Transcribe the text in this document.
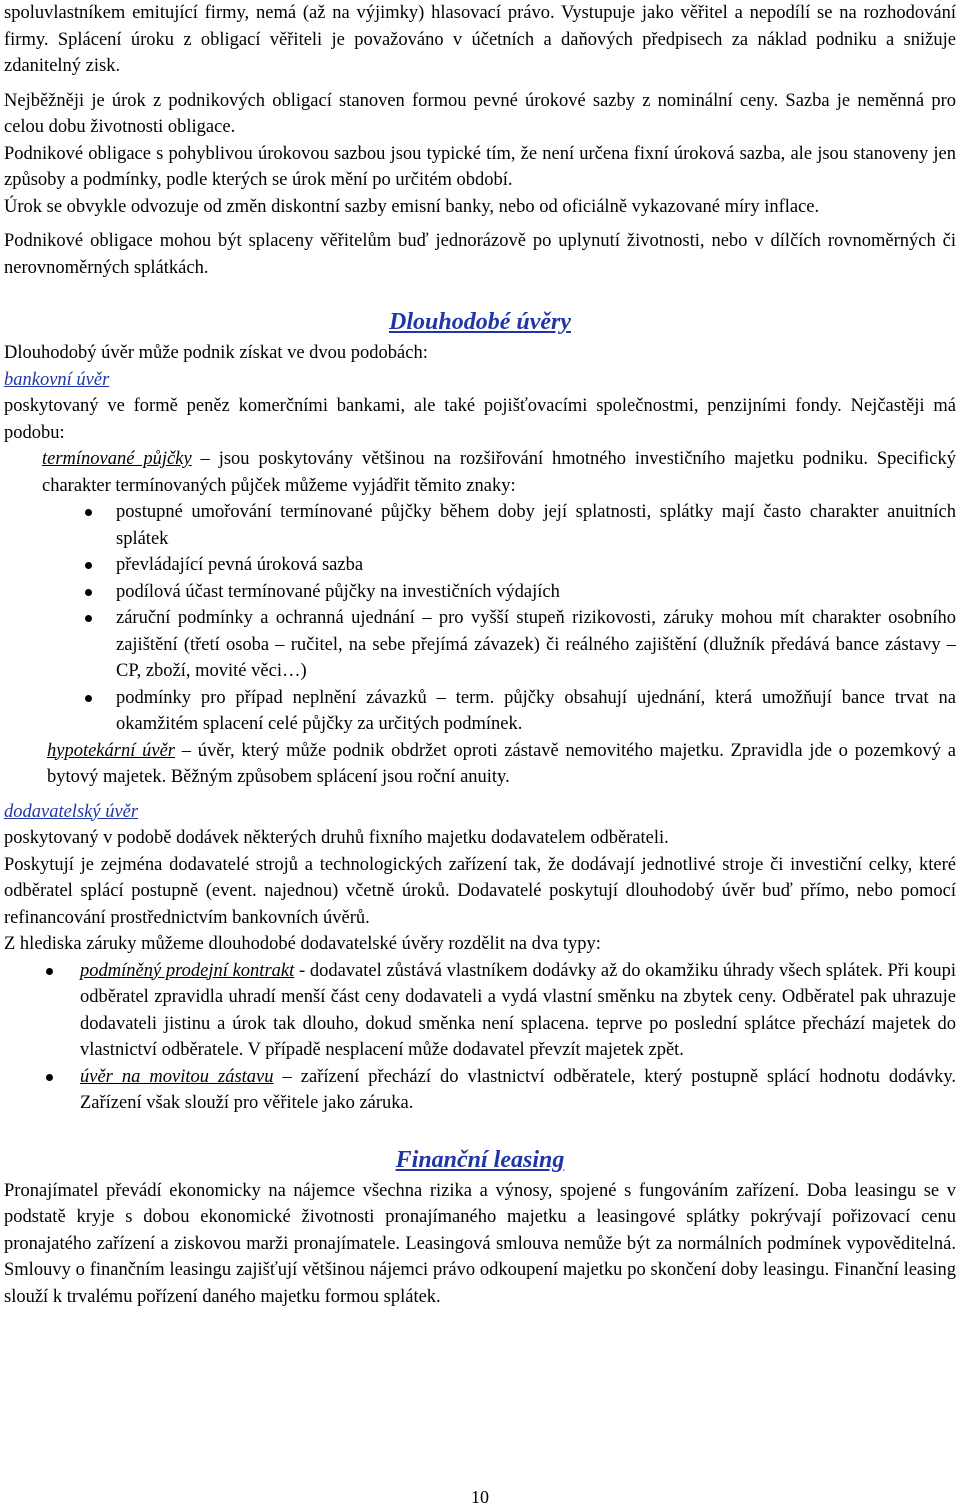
spoluvlastníkem emitující firmy, nemá (až na výjimky) hlasovací právo. Vystupuje jako věřitel a nepodílí se na rozhodování firmy. Splácení úroku z obligací věřiteli je považováno v účetních a daňových předpisech za náklad podniku a snižuje zdanitelný zisk.

Nejběžněji je úrok z podnikových obligací stanoven formou pevné úrokové sazby z nominální ceny. Sazba je neměnná pro celou dobu životnosti obligace.

Podnikové obligace s pohyblivou úrokovou sazbou jsou typické tím, že není určena fixní úroková sazba, ale jsou stanoveny jen způsoby a podmínky, podle kterých se úrok mění po určitém období.

Úrok se obvykle odvozuje od změn diskontní sazby emisní banky, nebo od oficiálně vykazované míry inflace.

Podnikové obligace mohou být splaceny věřitelům buď jednorázově po uplynutí životnosti, nebo v dílčích rovnoměrných či nerovnoměrných splátkách.

Dlouhodobé úvěry

Dlouhodobý úvěr může podnik získat ve dvou podobách:

bankovní úvěr

poskytovaný ve formě peněz komerčními bankami, ale také pojišťovacími společnostmi, penzijními fondy. Nejčastěji má podobu:

termínované půjčky – jsou poskytovány většinou na rozšiřování hmotného investičního majetku podniku. Specifický charakter termínovaných půjček můžeme vyjádřit těmito znaky:

postupné umořování termínované půjčky během doby její splatnosti, splátky mají často charakter anuitních splátek
převládající pevná úroková sazba
podílová účast termínované půjčky na investičních výdajích
záruční podmínky a ochranná ujednání – pro vyšší stupeň rizikovosti, záruky mohou mít charakter osobního zajištění (třetí osoba – ručitel, na sebe přejímá závazek) či reálného zajištění (dlužník předává bance zástavy – CP, zboží, movité věci…)
podmínky pro případ neplnění závazků – term. půjčky obsahují ujednání, která umožňují bance trvat na okamžitém splacení celé půjčky za určitých podmínek.

hypotekární úvěr – úvěr, který může podnik obdržet oproti zástavě nemovitého majetku. Zpravidla jde o pozemkový a bytový majetek. Běžným způsobem splácení jsou roční anuity.

dodavatelský úvěr

poskytovaný v podobě dodávek některých druhů fixního majetku dodavatelem odběrateli.

Poskytují je zejména dodavatelé strojů a technologických zařízení tak, že dodávají jednotlivé stroje či investiční celky, které odběratel splácí postupně (event. najednou) včetně úroků. Dodavatelé poskytují dlouhodobý úvěr buď přímo, nebo pomocí refinancování prostřednictvím bankovních úvěrů.

Z hlediska záruky můžeme dlouhodobé dodavatelské úvěry rozdělit na dva typy:

podmíněný prodejní kontrakt - dodavatel zůstává vlastníkem dodávky až do okamžiku úhrady všech splátek. Při koupi odběratel zpravidla uhradí menší část ceny dodavateli a vydá vlastní směnku na zbytek ceny. Odběratel pak uhrazuje dodavateli jistinu a úrok tak dlouho, dokud směnka není splacena. teprve po poslední splátce přechází majetek do vlastnictví odběratele. V případě nesplacení může dodavatel převzít majetek zpět.
úvěr na movitou zástavu – zařízení přechází do vlastnictví odběratele, který postupně splácí hodnotu dodávky. Zařízení však slouží pro věřitele jako záruka.
Finanční leasing

Pronajímatel převádí ekonomicky na nájemce všechna rizika a výnosy, spojené s fungováním zařízení. Doba leasingu se v podstatě kryje s dobou ekonomické životnosti pronajímaného majetku a leasingové splátky pokrývají pořizovací cenu pronajatého zařízení a ziskovou marži pronajímatele. Leasingová smlouva nemůže být za normálních podmínek vypověditelná. Smlouvy o finančním leasingu zajišťují většinou nájemci právo odkoupení majetku po skončení doby leasingu. Finanční leasing slouží k trvalému pořízení daného majetku formou splátek.

10
